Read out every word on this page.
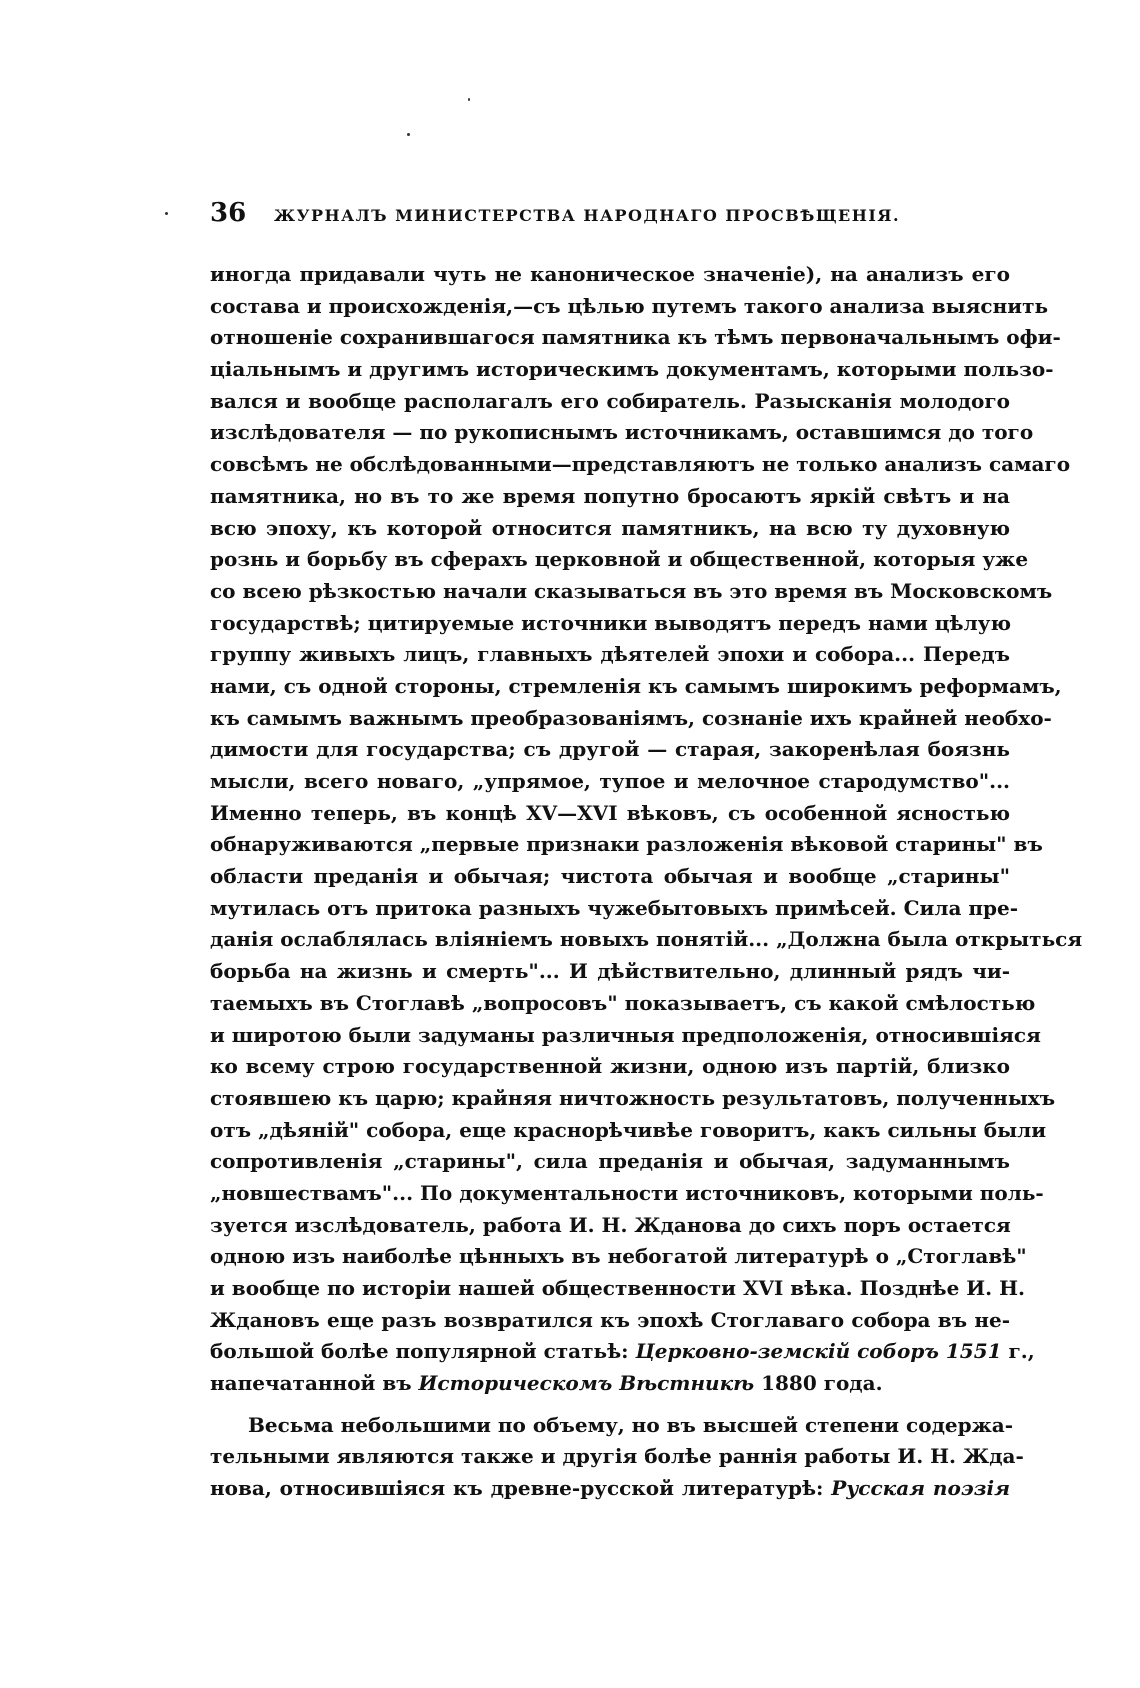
36 ЖУРНАЛЪ МИНИСТЕРСТВА НАРОДНАГО ПРОСВѢЩЕНІЯ.
иногда придавали чуть не каноническое значеніе), на анализъ его
состава и происхожденія,—съ цѣлью путемъ такого анализа выяснить
отношеніе сохранившагося памятника къ тѣмъ первоначальнымъ офи-
ціальнымъ и другимъ историческимъ документамъ, которыми пользо-
вался и вообще располагалъ его собиратель. Разысканія молодого
изслѣдователя — по рукописнымъ источникамъ, оставшимся до того
совсѣмъ не обслѣдованными—представляютъ не только анализъ самаго
памятника, но въ то же время попутно бросаютъ яркій свѣтъ и на
всю эпоху, къ которой относится памятникъ, на всю ту духовную
рознь и борьбу въ сферахъ церковной и общественной, которыя уже
со всею рѣзкостью начали сказываться въ это время въ Московскомъ
государствѣ; цитируемые источники выводятъ передъ нами цѣлую
группу живыхъ лицъ, главныхъ дѣятелей эпохи и собора... Передъ
нами, съ одной стороны, стремленія къ самымъ широкимъ реформамъ,
къ самымъ важнымъ преобразованіямъ, сознаніе ихъ крайней необхо-
димости для государства; съ другой — старая, закоренѣлая боязнь
мысли, всего новаго, „упрямое, тупое и мелочное стародумство"...
Именно теперь, въ концѣ XV—XVI вѣковъ, съ особенной ясностью
обнаруживаются „первые признаки разложенія вѣковой старины" въ
области преданія и обычая; чистота обычая и вообще „старины"
мутилась отъ притока разныхъ чужебытовыхъ примѣсей. Сила пре-
данія ослаблялась вліяніемъ новыхъ понятій... „Должна была открыться
борьба на жизнь и смерть"... И дѣйствительно, длинный рядъ чи-
таемыхъ въ Стоглавѣ „вопросовъ" показываетъ, съ какой смѣлостью
и широтою были задуманы различныя предположенія, относившіяся
ко всему строю государственной жизни, одною изъ партій, близко
стоявшею къ царю; крайняя ничтожность результатовъ, полученныхъ
отъ „дѣяній" собора, еще краснорѣчивѣе говоритъ, какъ сильны были
сопротивленія „старины", сила преданія и обычая, задуманнымъ
„новшествамъ"... По документальности источниковъ, которыми поль-
зуется изслѣдователь, работа И. Н. Жданова до сихъ поръ остается
одною изъ наиболѣе цѣнныхъ въ небогатой литературѣ о „Стоглавѣ"
и вообще по исторіи нашей общественности XVI вѣка. Позднѣе И. Н.
Ждановъ еще разъ возвратился къ эпохѣ Стоглаваго собора въ не-
большой болѣе популярной статьѣ: Церковно-земскій соборъ 1551 г.,
напечатанной въ Историческомъ Вѣстникѣ 1880 года.
Весьма небольшими по объему, но въ высшей степени содержа-
тельными являются также и другія болѣе раннія работы И. Н. Жда-
нова, относившіяся къ древне-русской литературѣ: Русская поэзія
